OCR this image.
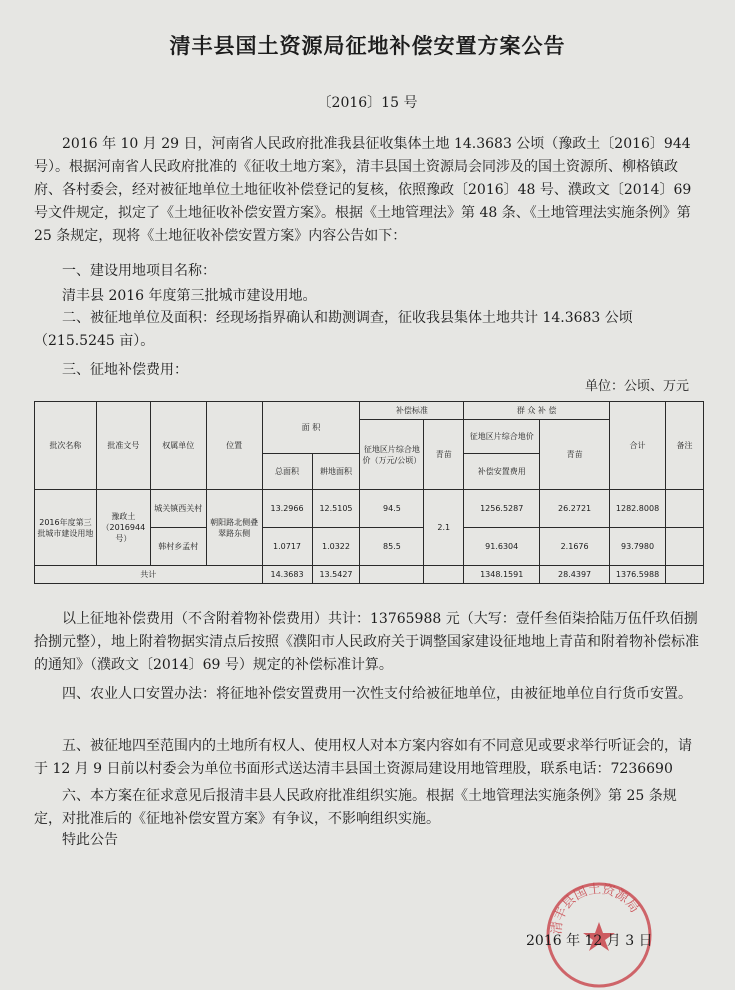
清丰县国土资源局征地补偿安置方案公告
〔2016〕15 号
2016 年 10 月 29 日，河南省人民政府批准我县征收集体土地 14.3683 公顷（豫政土〔2016〕944 号）。根据河南省人民政府批准的《征收土地方案》，清丰县国土资源局会同涉及的国土资源所、柳格镇政府、各村委会，经对被征地单位土地征收补偿登记的复核，依照豫政〔2016〕48 号、濮政文〔2014〕69 号文件规定，拟定了《土地征收补偿安置方案》。根据《土地管理法》第 48 条、《土地管理法实施条例》第 25 条规定，现将《土地征收补偿安置方案》内容公告如下：
一、建设用地项目名称：
清丰县 2016 年度第三批城市建设用地。
二、被征地单位及面积：经现场指界确认和勘测调查，征收我县集体土地共计 14.3683 公顷（215.5245 亩）。
三、征地补偿费用：
单位：公顷、万元
批次名称	批准文号	权属单位	位置	面 积		补偿标准		群 众 补 偿		合计	备注
						征地区片综合地价（万元/公顷）	青苗	征地区片综合地价	青苗		
				总面积	耕地面积			补偿安置费用			
2016年度第三批城市建设用地	豫政土（2016944 号）	城关镇西关村	朝阳路北侧叠翠路东侧	13.2966	12.5105	94.5	2.1	1256.5287	26.2721	1282.8008	
		韩村乡孟村		1.0717	1.0322	85.5		91.6304	2.1676	93.7980	
共计				14.3683	13.5427			1348.1591	28.4397	1376.5988	
以上征地补偿费用（不含附着物补偿费用）共计：13765988 元（大写：壹仟叁佰柒拾陆万伍仟玖佰捌拾捌元整），地上附着物据实清点后按照《濮阳市人民政府关于调整国家建设征地地上青苗和附着物补偿标准的通知》（濮政文〔2014〕69 号）规定的补偿标准计算。
四、农业人口安置办法：将征地补偿安置费用一次性支付给被征地单位，由被征地单位自行货币安置。
五、被征地四至范围内的土地所有权人、使用权人对本方案内容如有不同意见或要求举行听证会的，请于 12 月 9 日前以村委会为单位书面形式送达清丰县国土资源局建设用地管理股，联系电话：7236690
六、本方案在征求意见后报清丰县人民政府批准组织实施。根据《土地管理法实施条例》第 25 条规定，对批准后的《征地补偿安置方案》有争议，不影响组织实施。
特此公告
清丰县国土资源局
2016 年 12 月 3 日
